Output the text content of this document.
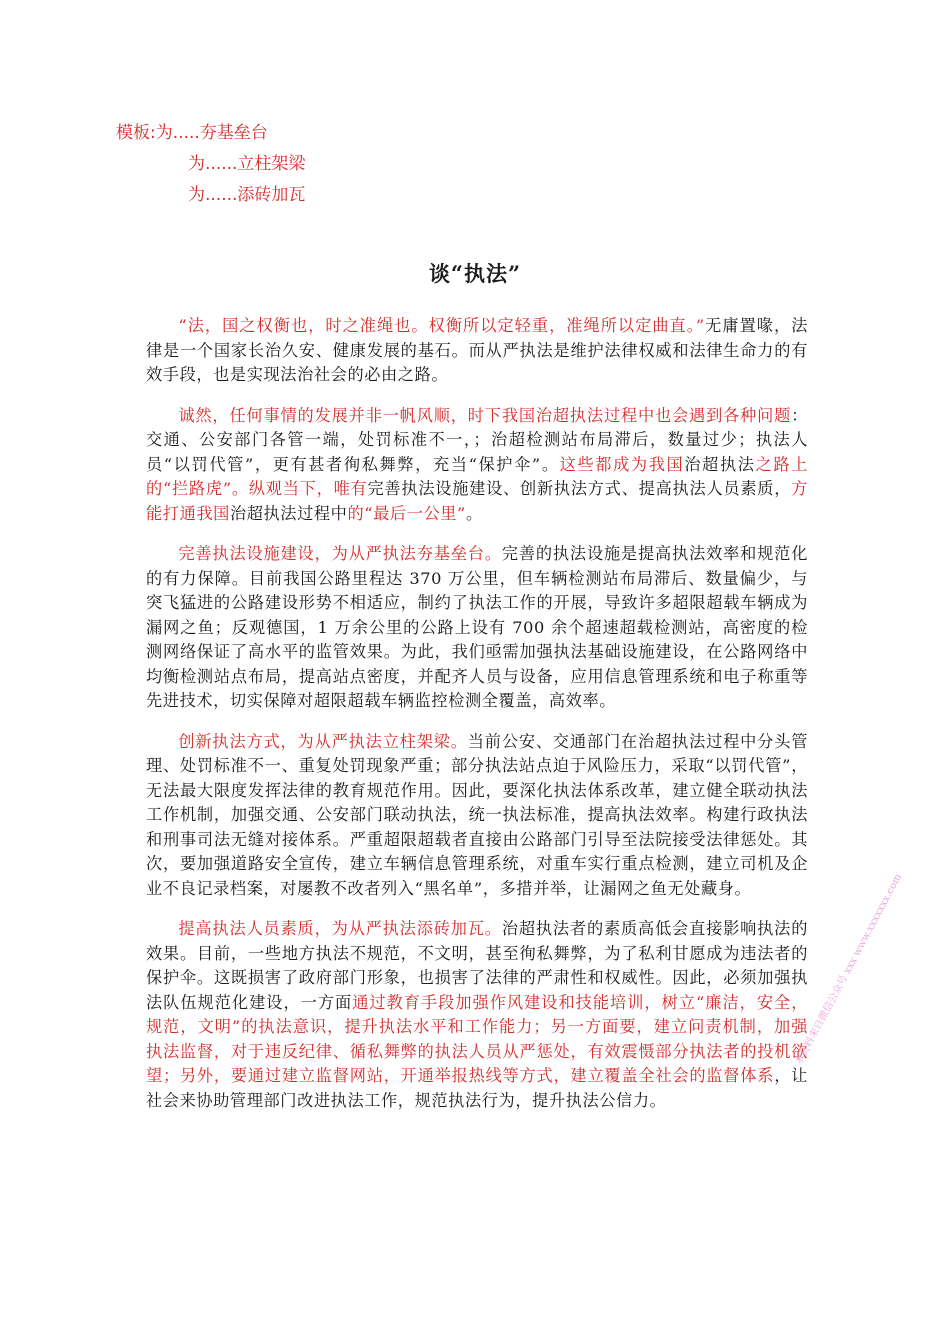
模板:为.....夯基垒台
为......立柱架梁
为......添砖加瓦
谈“执法”

“法，国之权衡也，时之准绳也。权衡所以定轻重，准绳所以定曲直。”无庸置喙，法律是一个国家长治久安、健康发展的基石。而从严执法是维护法律权威和法律生命力的有效手段，也是实现法治社会的必由之路。

诚然，任何事情的发展并非一帆风顺，时下我国治超执法过程中也会遇到各种问题：交通、公安部门各管一端，处罚标准不一，；治超检测站布局滞后，数量过少；执法人员“以罚代管”，更有甚者徇私舞弊，充当“保护伞”。这些都成为我国治超执法之路上的“拦路虎”。纵观当下，唯有完善执法设施建设、创新执法方式、提高执法人员素质，方能打通我国治超执法过程中的“最后一公里”。

完善执法设施建设，为从严执法夯基垒台。完善的执法设施是提高执法效率和规范化的有力保障。目前我国公路里程达 370 万公里，但车辆检测站布局滞后、数量偏少，与突飞猛进的公路建设形势不相适应，制约了执法工作的开展，导致许多超限超载车辆成为漏网之鱼；反观德国，1 万余公里的公路上设有 700 余个超速超载检测站，高密度的检测网络保证了高水平的监管效果。为此，我们亟需加强执法基础设施建设，在公路网络中均衡检测站点布局，提高站点密度，并配齐人员与设备，应用信息管理系统和电子称重等先进技术，切实保障对超限超载车辆监控检测全覆盖，高效率。

创新执法方式，为从严执法立柱架梁。当前公安、交通部门在治超执法过程中分头管理、处罚标准不一、重复处罚现象严重；部分执法站点迫于风险压力，采取“以罚代管”，无法最大限度发挥法律的教育规范作用。因此，要深化执法体系改革，建立健全联动执法工作机制，加强交通、公安部门联动执法，统一执法标准，提高执法效率。构建行政执法和刑事司法无缝对接体系。严重超限超载者直接由公路部门引导至法院接受法律惩处。其次，要加强道路安全宣传，建立车辆信息管理系统，对重车实行重点检测，建立司机及企业不良记录档案，对屡教不改者列入“黑名单”，多措并举，让漏网之鱼无处藏身。

提高执法人员素质，为从严执法添砖加瓦。治超执法者的素质高低会直接影响执法的效果。目前，一些地方执法不规范，不文明，甚至徇私舞弊，为了私利甘愿成为违法者的保护伞。这既损害了政府部门形象，也损害了法律的严肃性和权威性。因此，必须加强执法队伍规范化建设，一方面通过教育手段加强作风建设和技能培训，树立“廉洁，安全，规范，文明”的执法意识，提升执法水平和工作能力；另一方面要，建立问责机制，加强执法监督，对于违反纪律、循私舞弊的执法人员从严惩处，有效震慑部分执法者的投机欲望；另外，要通过建立监督网站，开通举报热线等方式，建立覆盖全社会的监督体系，让社会来协助管理部门改进执法工作，规范执法行为，提升执法公信力。

本资料来自微信公众号 xxx www.xxxxxxx.com
